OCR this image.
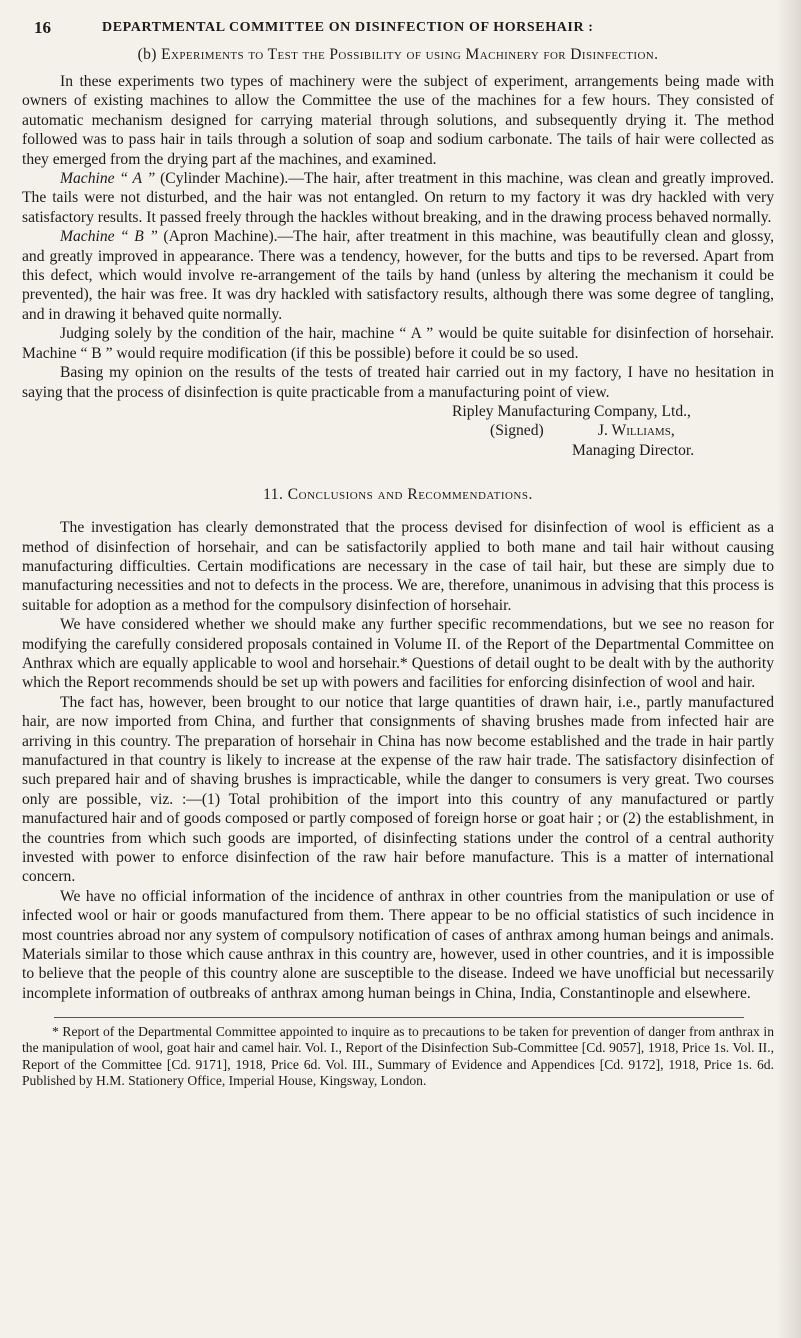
16	DEPARTMENTAL COMMITTEE ON DISINFECTION OF HORSEHAIR :
(b) Experiments to Test the Possibility of using Machinery for Disinfection.

In these experiments two types of machinery were the subject of experiment, arrangements being made with owners of existing machines to allow the Committee the use of the machines for a few hours. They consisted of automatic mechanism designed for carrying material through solutions, and subsequently drying it. The method followed was to pass hair in tails through a solution of soap and sodium carbonate. The tails of hair were collected as they emerged from the drying part af the machines, and examined.

Machine “ A ” (Cylinder Machine).—The hair, after treatment in this machine, was clean and greatly improved. The tails were not disturbed, and the hair was not entangled. On return to my factory it was dry hackled with very satisfactory results. It passed freely through the hackles without breaking, and in the drawing process behaved normally.

Machine “ B ” (Apron Machine).—The hair, after treatment in this machine, was beautifully clean and glossy, and greatly improved in appearance. There was a tendency, however, for the butts and tips to be reversed. Apart from this defect, which would involve re-arrangement of the tails by hand (unless by altering the mechanism it could be prevented), the hair was free. It was dry hackled with satisfactory results, although there was some degree of tangling, and in drawing it behaved quite normally.

Judging solely by the condition of the hair, machine “ A ” would be quite suitable for disinfection of horsehair. Machine “ B ” would require modification (if this be possible) before it could be so used.

Basing my opinion on the results of the tests of treated hair carried out in my factory, I have no hesitation in saying that the process of disinfection is quite practicable from a manufacturing point of view.

Ripley Manufacturing Company, Ltd.,
(Signed)	J. Williams,
Managing Director.
11. Conclusions and Recommendations.

The investigation has clearly demonstrated that the process devised for disinfection of wool is efficient as a method of disinfection of horsehair, and can be satisfactorily applied to both mane and tail hair without causing manufacturing difficulties. Certain modifications are necessary in the case of tail hair, but these are simply due to manufacturing necessities and not to defects in the process. We are, therefore, unanimous in advising that this process is suitable for adoption as a method for the compulsory disinfection of horsehair.

We have considered whether we should make any further specific recommendations, but we see no reason for modifying the carefully considered proposals contained in Volume II. of the Report of the Departmental Committee on Anthrax which are equally applicable to wool and horsehair.* Questions of detail ought to be dealt with by the authority which the Report recommends should be set up with powers and facilities for enforcing disinfection of wool and hair.

The fact has, however, been brought to our notice that large quantities of drawn hair, i.e., partly manufactured hair, are now imported from China, and further that consignments of shaving brushes made from infected hair are arriving in this country. The preparation of horsehair in China has now become established and the trade in hair partly manufactured in that country is likely to increase at the expense of the raw hair trade. The satisfactory disinfection of such prepared hair and of shaving brushes is impracticable, while the danger to consumers is very great. Two courses only are possible, viz. :—(1) Total prohibition of the import into this country of any manufactured or partly manufactured hair and of goods composed or partly composed of foreign horse or goat hair ; or (2) the establishment, in the countries from which such goods are imported, of disinfecting stations under the control of a central authority invested with power to enforce disinfection of the raw hair before manufacture. This is a matter of international concern.

We have no official information of the incidence of anthrax in other countries from the manipulation or use of infected wool or hair or goods manufactured from them. There appear to be no official statistics of such incidence in most countries abroad nor any system of compulsory notification of cases of anthrax among human beings and animals. Materials similar to those which cause anthrax in this country are, however, used in other countries, and it is impossible to believe that the people of this country alone are susceptible to the disease. Indeed we have unofficial but necessarily incomplete information of outbreaks of anthrax among human beings in China, India, Constantinople and elsewhere.

* Report of the Departmental Committee appointed to inquire as to precautions to be taken for prevention of danger from anthrax in the manipulation of wool, goat hair and camel hair. Vol. I., Report of the Disinfection Sub-Committee [Cd. 9057], 1918, Price 1s. Vol. II., Report of the Committee [Cd. 9171], 1918, Price 6d. Vol. III., Summary of Evidence and Appendices [Cd. 9172], 1918, Price 1s. 6d. Published by H.M. Stationery Office, Imperial House, Kingsway, London.
